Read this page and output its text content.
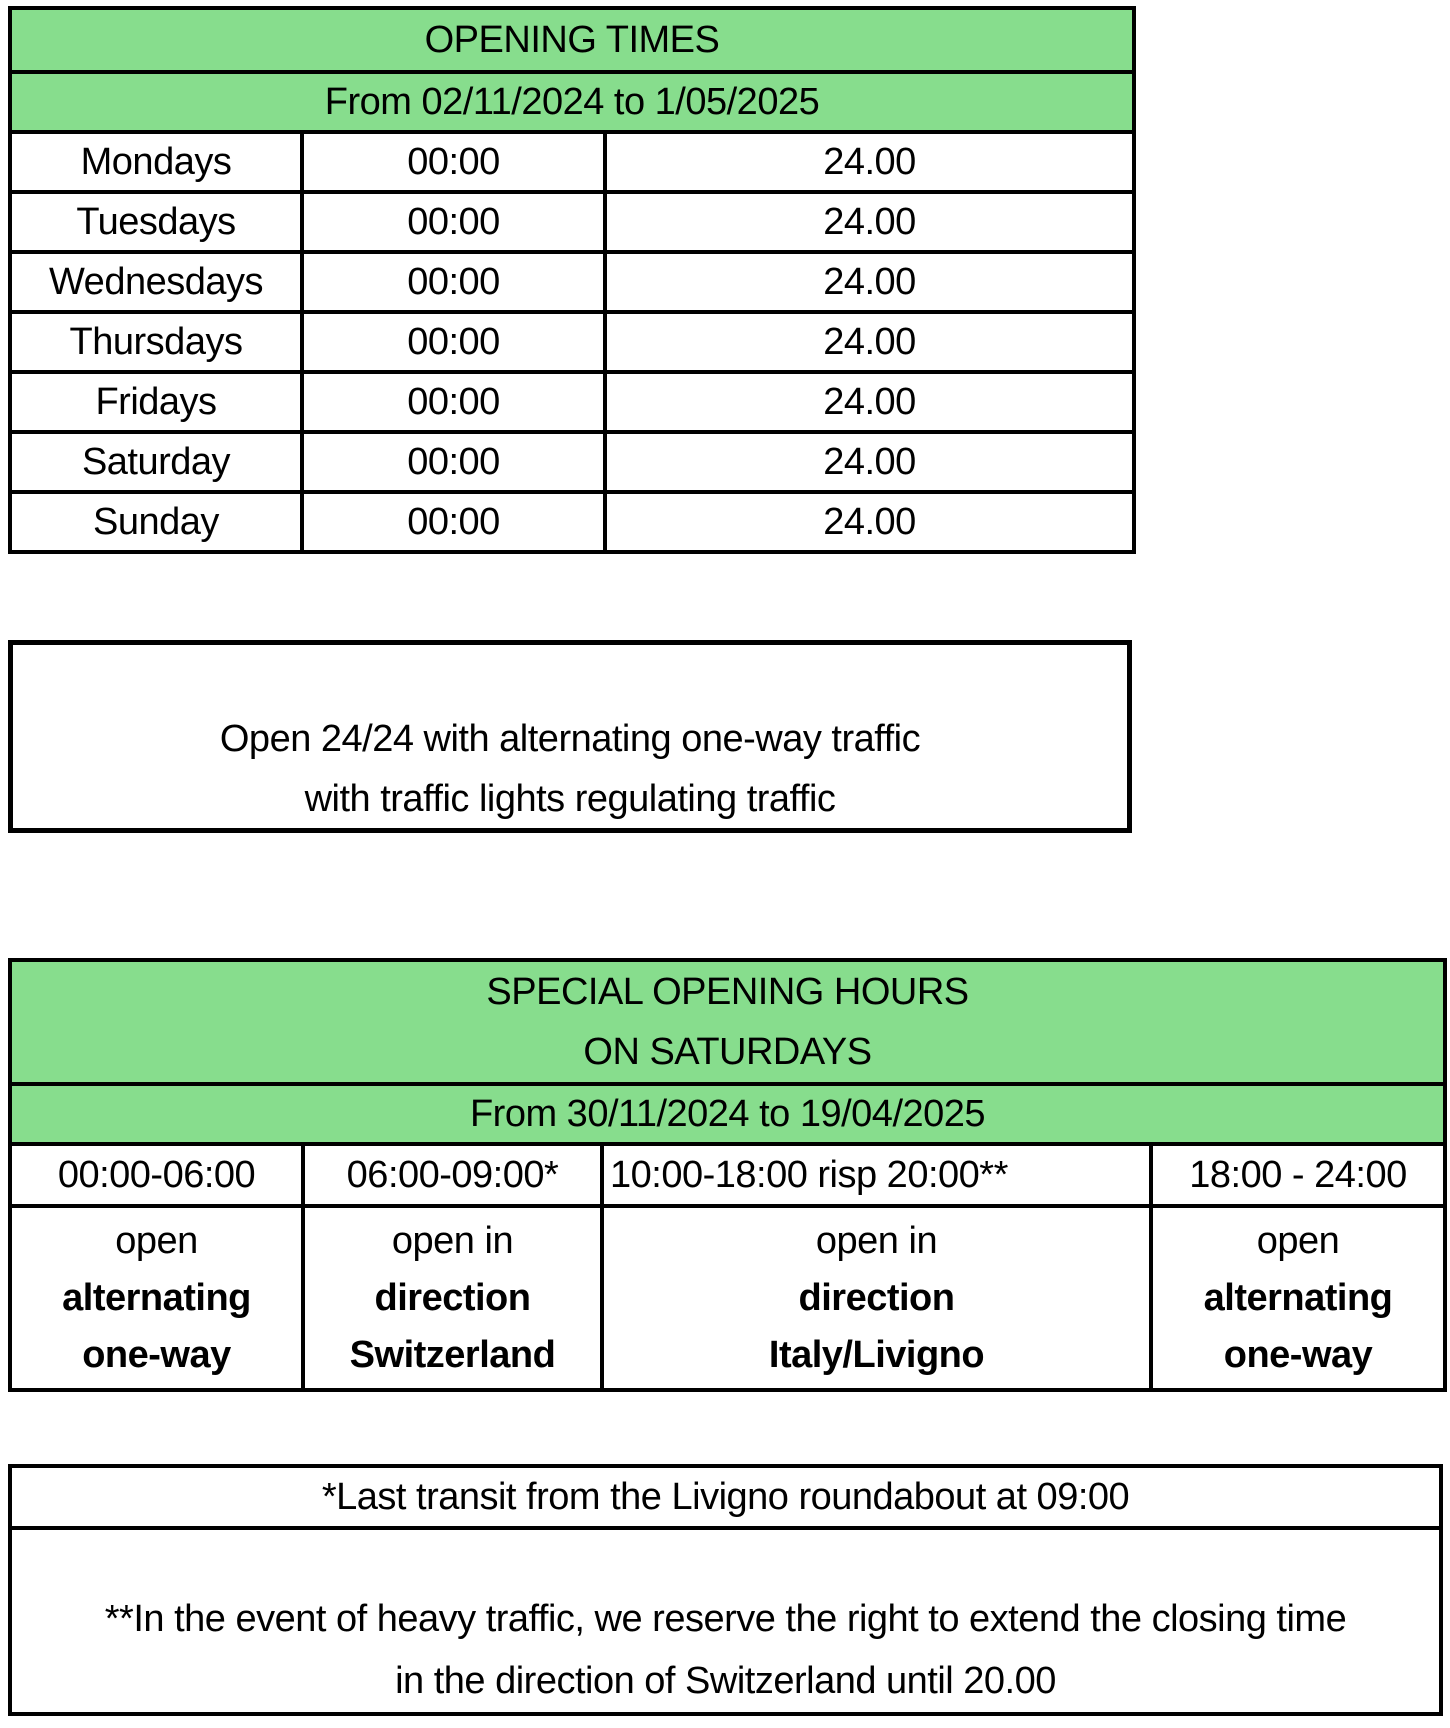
OPENING TIMES		
From 02/11/2024 to 1/05/2025		
Mondays	00:00	24.00
Tuesdays	00:00	24.00
Wednesdays	00:00	24.00
Thursdays	00:00	24.00
Fridays	00:00	24.00
Saturday	00:00	24.00
Sunday	00:00	24.00
Open 24/24 with alternating one-way traffic
with traffic lights regulating traffic
SPECIAL OPENING HOURS
ON SATURDAYS			

From 30/11/2024 to 19/04/2025			
00:00-06:00	06:00-09:00*	10:00-18:00 risp 20:00**	18:00 - 24:00

open
alternating
one-way

open in
direction
Switzerland

open in
direction
Italy/Livigno

open
alternating
one-way
*Last transit from the Livigno roundabout at 09:00

**In the event of heavy traffic, we reserve the right to extend the closing time
in the direction of Switzerland until 20.00
